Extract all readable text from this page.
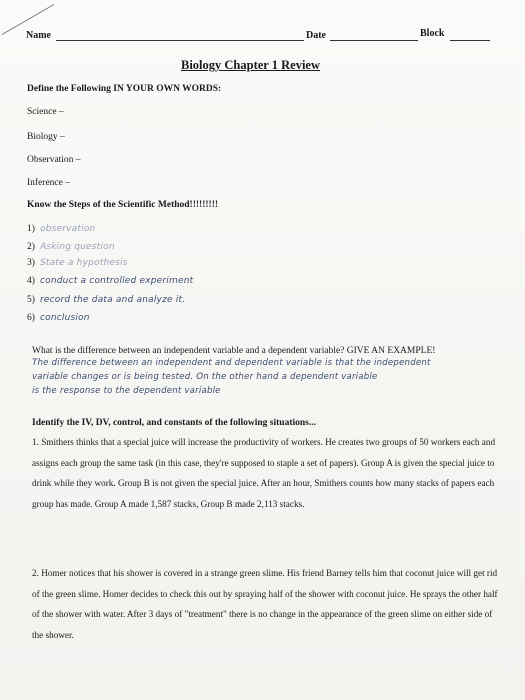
Name	Date	Block
Biology Chapter 1 Review
Define the Following IN YOUR OWN WORDS:
Science –
Biology –
Observation –
Inference –
Know the Steps of the Scientific Method!!!!!!!!!
1) observation
2) Asking question
3) State a hypothesis
4) conduct a controlled experiment
5) record the data and analyze it.
6) conclusion
What is the difference between an independent variable and a dependent variable? GIVE AN EXAMPLE!
The difference between an independent and dependent variable is that the independent
variable changes or is being tested. On the other hand a dependent variable
is the response to the dependent variable
Identify the IV, DV, control, and constants of the following situations...
1. Smithers thinks that a special juice will increase the productivity of workers. He creates two groups of 50 workers each and assigns each group the same task (in this case, they're supposed to staple a set of papers). Group A is given the special juice to drink while they work. Group B is not given the special juice. After an hour, Smithers counts how many stacks of papers each group has made. Group A made 1,587 stacks, Group B made 2,113 stacks.
2. Homer notices that his shower is covered in a strange green slime. His friend Barney tells him that coconut juice will get rid of the green slime. Homer decides to check this out by spraying half of the shower with coconut juice. He sprays the other half of the shower with water. After 3 days of "treatment" there is no change in the appearance of the green slime on either side of the shower.
